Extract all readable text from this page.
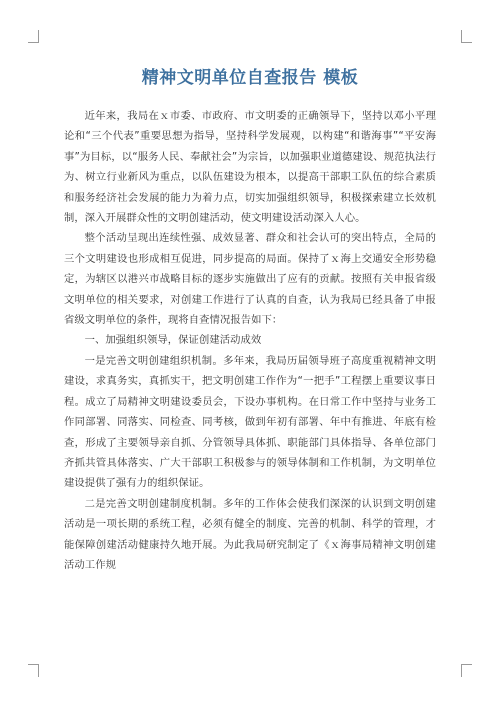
精神文明单位自查报告 模板

近年来，我局在ｘ市委、市政府、市文明委的正确领导下，坚持以邓小平理论和“三个代表”重要思想为指导，坚持科学发展观，以构建“和谐海事”“平安海事”为目标，以“服务人民、奉献社会”为宗旨，以加强职业道德建设、规范执法行为、树立行业新风为重点，以队伍建设为根本，以提高干部职工队伍的综合素质和服务经济社会发展的能力为着力点，切实加强组织领导，积极探索建立长效机制，深入开展群众性的文明创建活动，使文明建设活动深入人心。

整个活动呈现出连续性强、成效显著、群众和社会认可的突出特点，全局的三个文明建设也形成相互促进，同步提高的局面。保持了ｘ海上交通安全形势稳定，为辖区以港兴市战略目标的逐步实施做出了应有的贡献。按照有关申报省级文明单位的相关要求，对创建工作进行了认真的自查，认为我局已经具备了申报省级文明单位的条件，现将自查情况报告如下：

一、加强组织领导，保证创建活动成效

一是完善文明创建组织机制。多年来，我局历届领导班子高度重视精神文明建设，求真务实，真抓实干，把文明创建工作作为“一把手”工程摆上重要议事日程。成立了局精神文明建设委员会，下设办事机构。在日常工作中坚持与业务工作同部署、同落实、同检查、同考核，做到年初有部署、年中有推进、年底有检查，形成了主要领导亲自抓、分管领导具体抓、职能部门具体指导、各单位部门齐抓共管具体落实、广大干部职工积极参与的领导体制和工作机制，为文明单位建设提供了强有力的组织保证。

二是完善文明创建制度机制。多年的工作体会使我们深深的认识到文明创建活动是一项长期的系统工程，必须有健全的制度、完善的机制、科学的管理，才能保障创建活动健康持久地开展。为此我局研究制定了《ｘ海事局精神文明创建活动工作规
